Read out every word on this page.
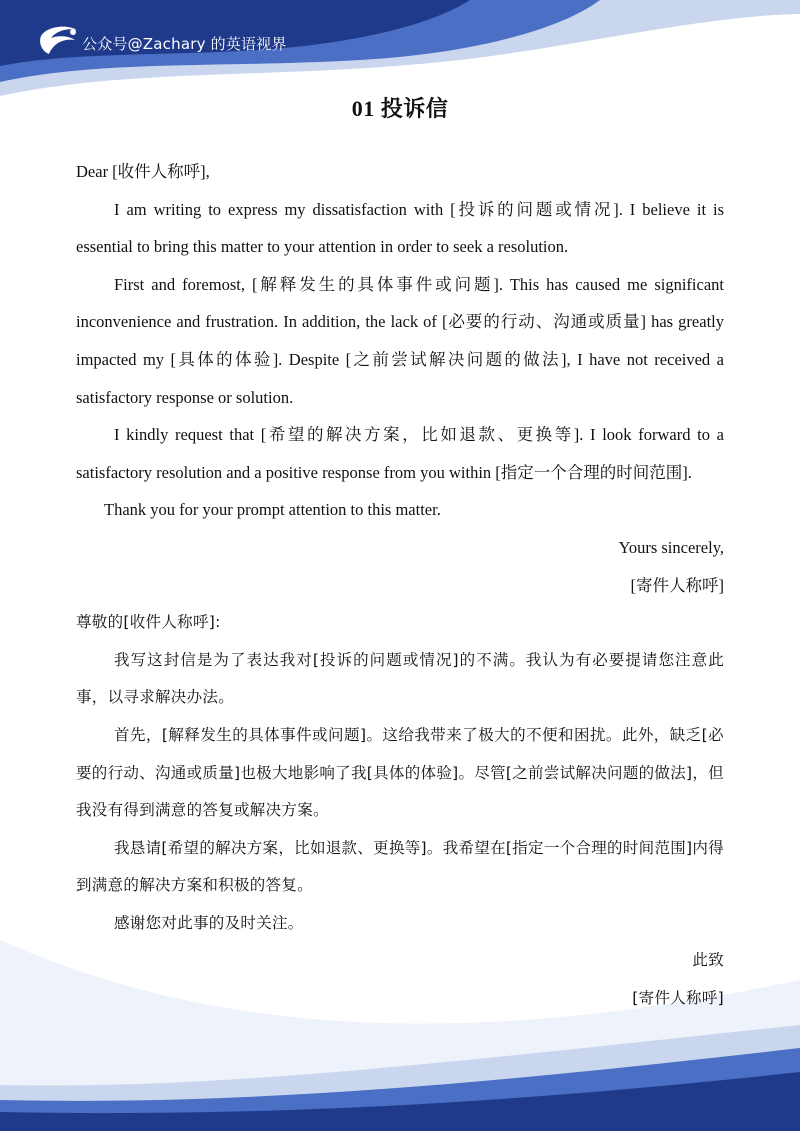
公众号@Zachary 的英语视界
01 投诉信

Dear [收件人称呼],

I am writing to express my dissatisfaction with [投诉的问题或情况]. I believe it is essential to bring this matter to your attention in order to seek a resolution.

First and foremost, [解释发生的具体事件或问题]. This has caused me significant inconvenience and frustration. In addition, the lack of [必要的行动、沟通或质量] has greatly impacted my [具体的体验]. Despite [之前尝试解决问题的做法], I have not received a satisfactory response or solution.

I kindly request that [希望的解决方案，比如退款、更换等]. I look forward to a satisfactory resolution and a positive response from you within [指定一个合理的时间范围].

Thank you for your prompt attention to this matter.

Yours sincerely,

[寄件人称呼]

尊敬的[收件人称呼]:

我写这封信是为了表达我对[投诉的问题或情况]的不满。我认为有必要提请您注意此事，以寻求解决办法。

首先，[解释发生的具体事件或问题]。这给我带来了极大的不便和困扰。此外，缺乏[必要的行动、沟通或质量]也极大地影响了我[具体的体验]。尽管[之前尝试解决问题的做法]，但我没有得到满意的答复或解决方案。

我恳请[希望的解决方案，比如退款、更换等]。我希望在[指定一个合理的时间范围]内得到满意的解决方案和积极的答复。

感谢您对此事的及时关注。

此致

[寄件人称呼]
